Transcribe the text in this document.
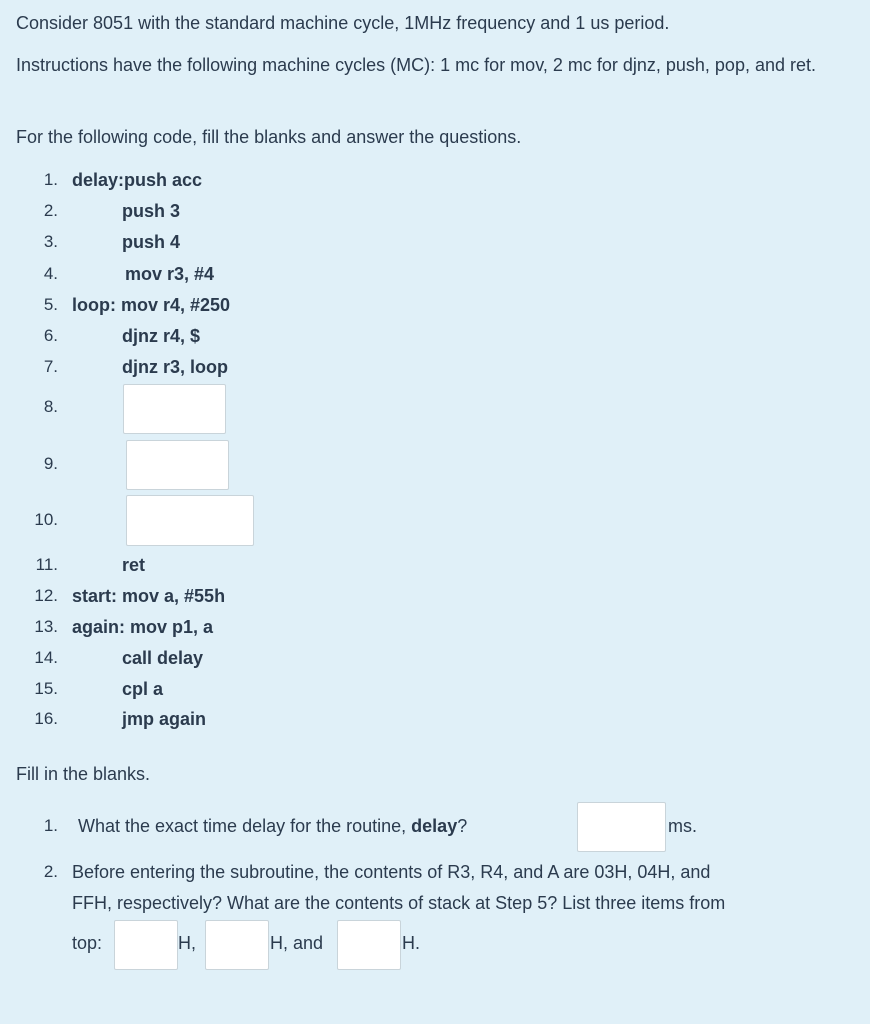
Consider 8051 with the standard machine cycle, 1MHz frequency and 1 us period.
Instructions have the following machine cycles (MC): 1 mc for mov, 2 mc for djnz, push, pop, and ret.
For the following code, fill the blanks and answer the questions.
1. delay:push acc
2.	push 3
3.	push 4
4.	mov r3, #4
5. loop: mov r4, #250
6.	djnz r4, $
7.	djnz r3, loop
8.
9.
10.
11.	ret
12. start: mov a, #55h
13. again: mov p1, a
14.	call delay
15.	cpl a
16.	jmp again
Fill in the blanks.
1. What the exact time delay for the routine, delay?	ms.
2. Before entering the subroutine, the contents of R3, R4, and A are 03H, 04H, and
FFH, respectively? What are the contents of stack at Step 5? List three items from
top:	H,	H, and	H.
